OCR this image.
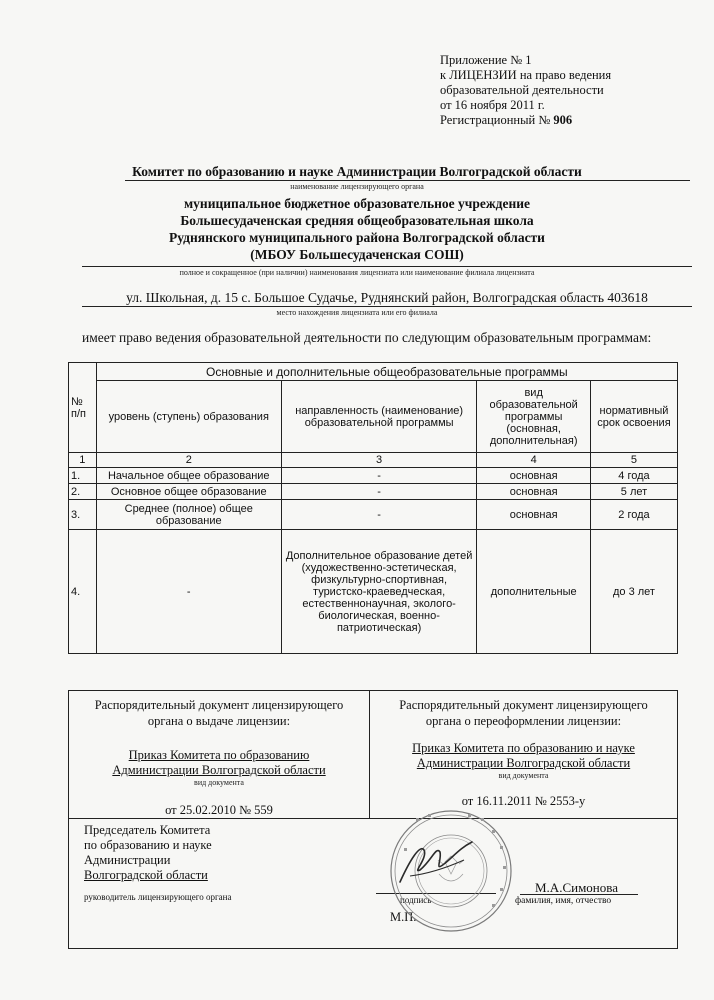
Приложение № 1
к ЛИЦЕНЗИИ на право ведения
образовательной деятельности
от 16 ноября 2011 г.
Регистрационный № 906
Комитет по образованию и науке Администрации Волгоградской области
наименование лицензирующего органа
муниципальное бюджетное образовательное учреждение
Большесудаченская средняя общеобразовательная школа
Руднянского муниципального района Волгоградской области
(МБОУ Большесудаченская СОШ)
полное и сокращенное (при наличии) наименования лицензиата или наименование филиала лицензиата
ул. Школьная, д. 15 с. Большое Судачье, Руднянский район, Волгоградская область 403618
место нахождения лицензиата или его филиала
имеет право ведения образовательной деятельности по следующим образовательным программам:
№ п/п	Основные и дополнительные общеобразовательные программы			
	уровень (ступень) образования	направленность (наименование) образовательной программы	вид образовательной программы (основная, дополнительная)	нормативный срок освоения
1	2	3	4	5
1.	Начальное общее образование	-	основная	4 года
2.	Основное общее образование	-	основная	5 лет
3.	Среднее (полное) общее образование	-	основная	2 года
4.	-	Дополнительное образование детей (художественно-эстетическая, физкультурно-спортивная, туристско-краеведческая, естественнонаучная, эколого-биологическая, военно-патриотическая)	дополнительные	до 3 лет
Распорядительный документ лицензирующего органа о выдаче лицензии:
Приказ Комитета по образованию
Администрации Волгоградской области
вид документа
от 25.02.2010 № 559

Распорядительный документ лицензирующего органа о переоформлении лицензии:
Приказ Комитета по образованию и науке
Администрации Волгоградской области
вид документа
от 16.11.2011 № 2553-у

Председатель Комитета
по образованию и науке
Администрации
Волгоградской области
руководитель лицензирующего органа	подпись
М.П.
М.А.Симонова
фамилия, имя, отчество
